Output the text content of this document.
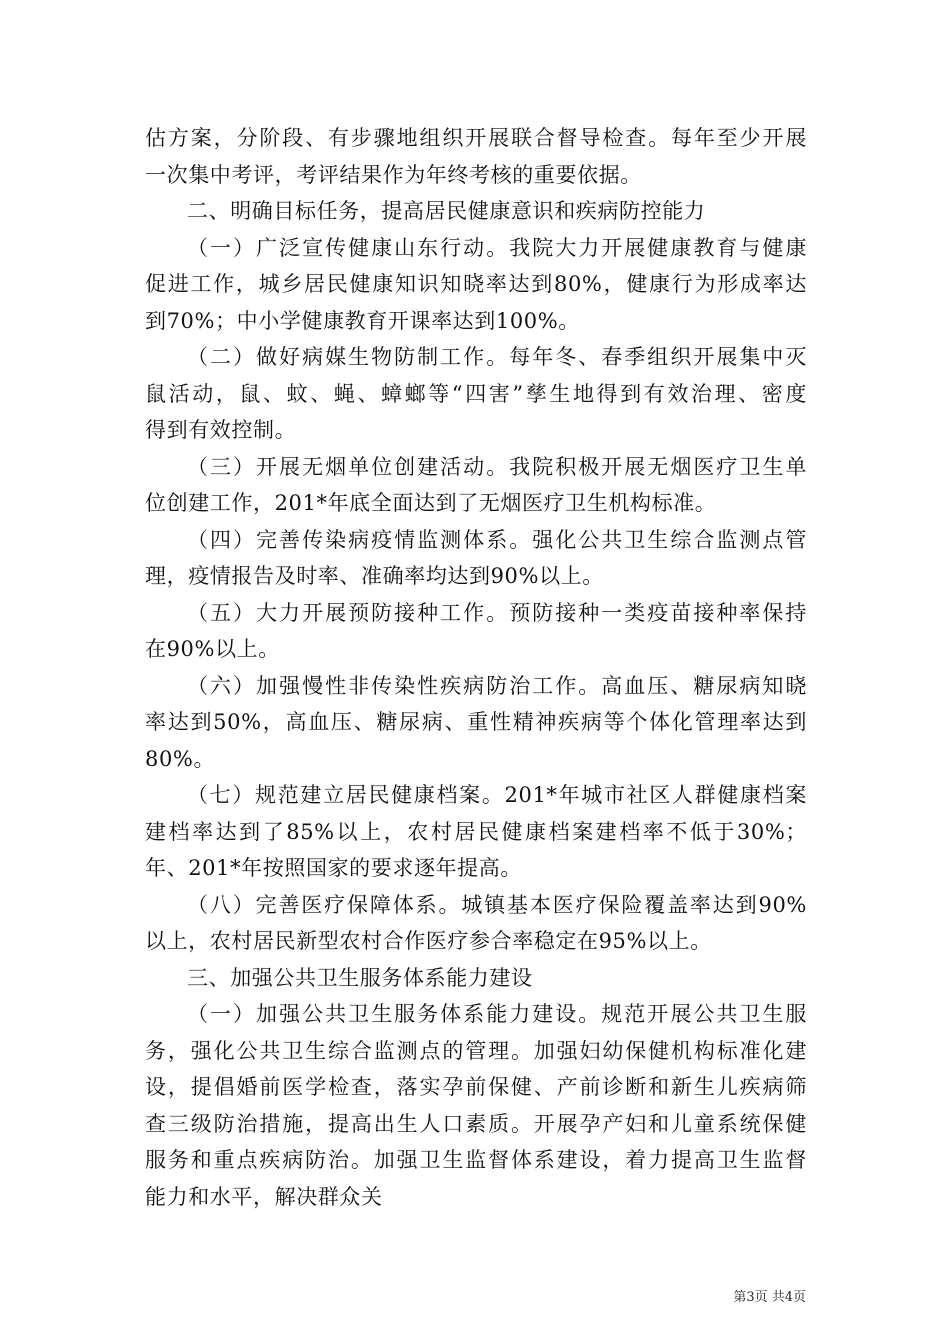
估方案，分阶段、有步骤地组织开展联合督导检查。每年至少开展
一次集中考评，考评结果作为年终考核的重要依据。
二、明确目标任务，提高居民健康意识和疾病防控能力
（一）广泛宣传健康山东行动。我院大力开展健康教育与健康
促进工作，城乡居民健康知识知晓率达到80%，健康行为形成率达
到70%；中小学健康教育开课率达到100%。
（二）做好病媒生物防制工作。每年冬、春季组织开展集中灭
鼠活动，鼠、蚊、蝇、蟑螂等“四害”孳生地得到有效治理、密度
得到有效控制。
（三）开展无烟单位创建活动。我院积极开展无烟医疗卫生单
位创建工作，201*年底全面达到了无烟医疗卫生机构标准。
（四）完善传染病疫情监测体系。强化公共卫生综合监测点管
理，疫情报告及时率、准确率均达到90%以上。
（五）大力开展预防接种工作。预防接种一类疫苗接种率保持
在90%以上。
（六）加强慢性非传染性疾病防治工作。高血压、糖尿病知晓
率达到50%，高血压、糖尿病、重性精神疾病等个体化管理率达到
80%。
（七）规范建立居民健康档案。201*年城市社区人群健康档案
建档率达到了85%以上，农村居民健康档案建档率不低于30%；
年、201*年按照国家的要求逐年提高。
（八）完善医疗保障体系。城镇基本医疗保险覆盖率达到90%
以上，农村居民新型农村合作医疗参合率稳定在95%以上。
三、加强公共卫生服务体系能力建设
（一）加强公共卫生服务体系能力建设。规范开展公共卫生服
务，强化公共卫生综合监测点的管理。加强妇幼保健机构标准化建
设，提倡婚前医学检查，落实孕前保健、产前诊断和新生儿疾病筛
查三级防治措施，提高出生人口素质。开展孕产妇和儿童系统保健
服务和重点疾病防治。加强卫生监督体系建设，着力提高卫生监督
能力和水平，解决群众关
第3页 共4页
